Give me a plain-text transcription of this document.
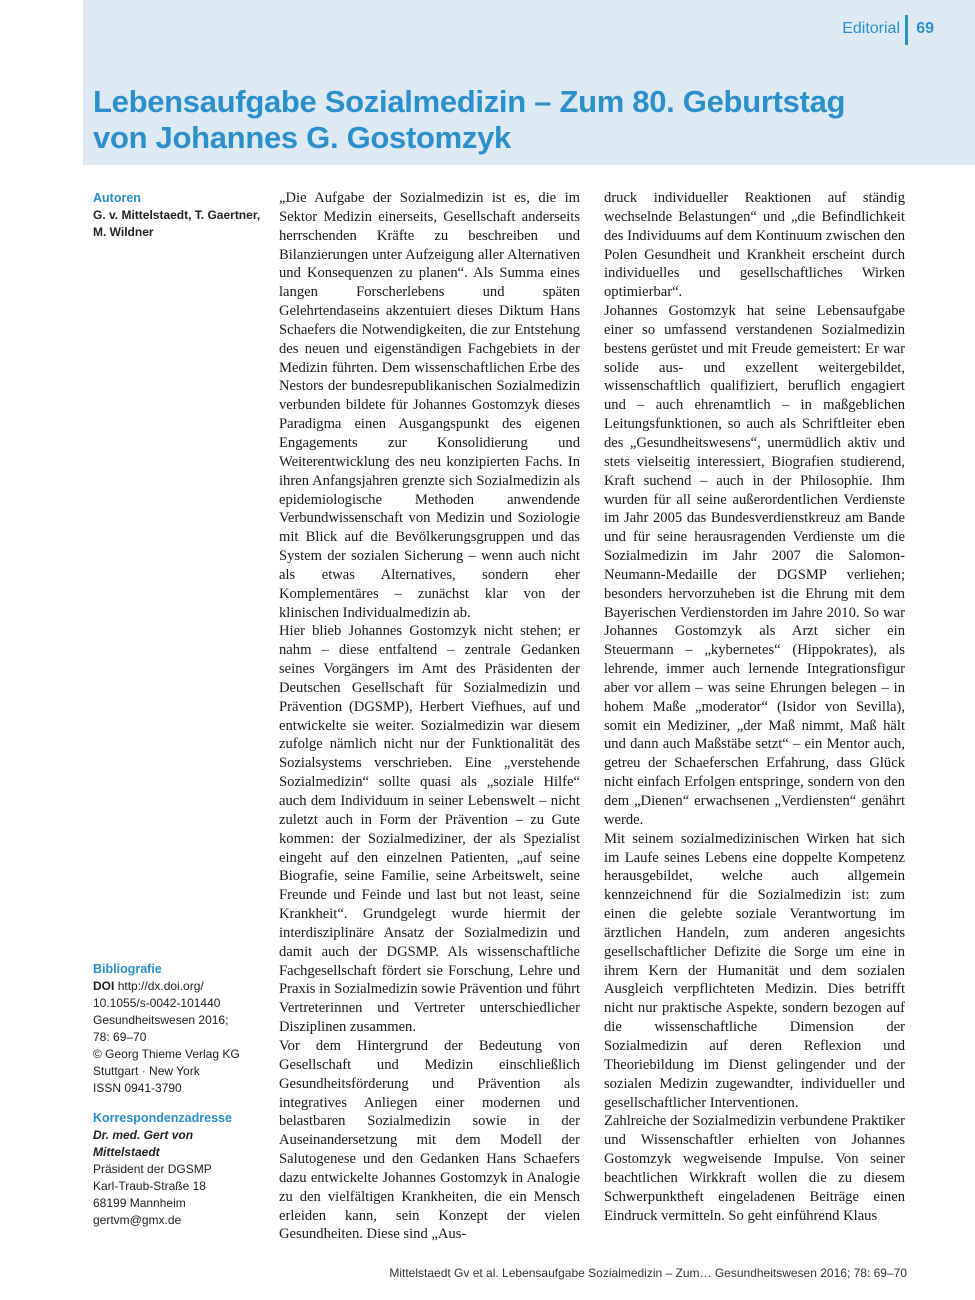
Editorial 69
Lebensaufgabe Sozialmedizin – Zum 80. Geburtstag
von Johannes G. Gostomzyk
Autoren
G. v. Mittelstaedt, T. Gaertner, M. Wildner
Bibliografie
DOI http://dx.doi.org/ 10.1055/s-0042-101440
Gesundheitswesen 2016; 78: 69–70
© Georg Thieme Verlag KG
Stuttgart · New York
ISSN 0941-3790
Korrespondenzadresse
Dr. med. Gert von Mittelstaedt
Präsident der DGSMP
Karl-Traub-Straße 18
68199 Mannheim
gertvm@gmx.de

„Die Aufgabe der Sozialmedizin ist es, die im Sektor Medizin einerseits, Gesellschaft anderseits herrschenden Kräfte zu beschreiben und Bilanzierungen unter Aufzeigung aller Alternativen und Konsequenzen zu planen“. Als Summa eines langen Forscherlebens und späten Gelehrtendaseins akzentuiert dieses Diktum Hans Schaefers die Notwendigkeiten, die zur Entstehung des neuen und eigenständigen Fachgebiets in der Medizin führten. Dem wissenschaftlichen Erbe des Nestors der bundesrepublikanischen Sozialmedizin verbunden bildete für Johannes Gostomzyk dieses Paradigma einen Ausgangspunkt des eigenen Engagements zur Konsolidierung und Weiterentwicklung des neu konzipierten Fachs. In ihren Anfangsjahren grenzte sich Sozialmedizin als epidemiologische Methoden anwendende Verbundwissenschaft von Medizin und Soziologie mit Blick auf die Bevölkerungsgruppen und das System der sozialen Sicherung – wenn auch nicht als etwas Alternatives, sondern eher Komplementäres – zunächst klar von der klinischen Individualmedizin ab.

Hier blieb Johannes Gostomzyk nicht stehen; er nahm – diese entfaltend – zentrale Gedanken seines Vorgängers im Amt des Präsidenten der Deutschen Gesellschaft für Sozialmedizin und Prävention (DGSMP), Herbert Viefhues, auf und entwickelte sie weiter. Sozialmedizin war diesem zufolge nämlich nicht nur der Funktionalität des Sozialsystems verschrieben. Eine „verstehende Sozialmedizin“ sollte quasi als „soziale Hilfe“ auch dem Individuum in seiner Lebenswelt – nicht zuletzt auch in Form der Prävention – zu Gute kommen: der Sozialmediziner, der als Spezialist eingeht auf den einzelnen Patienten, „auf seine Biografie, seine Familie, seine Arbeitswelt, seine Freunde und Feinde und last but not least, seine Krankheit“. Grundgelegt wurde hiermit der interdisziplinäre Ansatz der Sozialmedizin und damit auch der DGSMP. Als wissenschaftliche Fachgesellschaft fördert sie Forschung, Lehre und Praxis in Sozialmedizin sowie Prävention und führt Vertreterinnen und Vertreter unterschiedlicher Disziplinen zusammen.

Vor dem Hintergrund der Bedeutung von Gesellschaft und Medizin einschließlich Gesundheitsförderung und Prävention als integratives Anliegen einer modernen und belastbaren Sozialmedizin sowie in der Auseinandersetzung mit dem Modell der Salutogenese und den Gedanken Hans Schaefers dazu entwickelte Johannes Gostomzyk in Analogie zu den vielfältigen Krankheiten, die ein Mensch erleiden kann, sein Konzept der vielen Gesundheiten. Diese sind „Aus-

druck individueller Reaktionen auf ständig wechselnde Belastungen“ und „die Befindlichkeit des Individuums auf dem Kontinuum zwischen den Polen Gesundheit und Krankheit erscheint durch individuelles und gesellschaftliches Wirken optimierbar“.

Johannes Gostomzyk hat seine Lebensaufgabe einer so umfassend verstandenen Sozialmedizin bestens gerüstet und mit Freude gemeistert: Er war solide aus- und exzellent weitergebildet, wissenschaftlich qualifiziert, beruflich engagiert und – auch ehrenamtlich – in maßgeblichen Leitungsfunktionen, so auch als Schriftleiter eben des „Gesundheitswesens“, unermüdlich aktiv und stets vielseitig interessiert, Biografien studierend, Kraft suchend – auch in der Philosophie. Ihm wurden für all seine außerordentlichen Verdienste im Jahr 2005 das Bundesverdienstkreuz am Bande und für seine herausragenden Verdienste um die Sozialmedizin im Jahr 2007 die Salomon-Neumann-Medaille der DGSMP verliehen; besonders hervorzuheben ist die Ehrung mit dem Bayerischen Verdienstorden im Jahre 2010. So war Johannes Gostomzyk als Arzt sicher ein Steuermann – „kybernetes“ (Hippokrates), als lehrende, immer auch lernende Integrationsfigur aber vor allem – was seine Ehrungen belegen – in hohem Maße „moderator“ (Isidor von Sevilla), somit ein Mediziner, „der Maß nimmt, Maß hält und dann auch Maßstäbe setzt“ – ein Mentor auch, getreu der Schaeferschen Erfahrung, dass Glück nicht einfach Erfolgen entspringe, sondern von den dem „Dienen“ erwachsenen „Verdiensten“ genährt werde.

Mit seinem sozialmedizinischen Wirken hat sich im Laufe seines Lebens eine doppelte Kompetenz herausgebildet, welche auch allgemein kennzeichnend für die Sozialmedizin ist: zum einen die gelebte soziale Verantwortung im ärztlichen Handeln, zum anderen angesichts gesellschaftlicher Defizite die Sorge um eine in ihrem Kern der Humanität und dem sozialen Ausgleich verpflichteten Medizin. Dies betrifft nicht nur praktische Aspekte, sondern bezogen auf die wissenschaftliche Dimension der Sozialmedizin auf deren Reflexion und Theoriebildung im Dienst gelingender und der sozialen Medizin zugewandter, individueller und gesellschaftlicher Interventionen.

Zahlreiche der Sozialmedizin verbundene Praktiker und Wissenschaftler erhielten von Johannes Gostomzyk wegweisende Impulse. Von seiner beachtlichen Wirkkraft wollen die zu diesem Schwerpunktheft eingeladenen Beiträge einen Eindruck vermitteln. So geht einführend Klaus

Mittelstaedt Gv et al. Lebensaufgabe Sozialmedizin – Zum… Gesundheitswesen 2016; 78: 69–70
